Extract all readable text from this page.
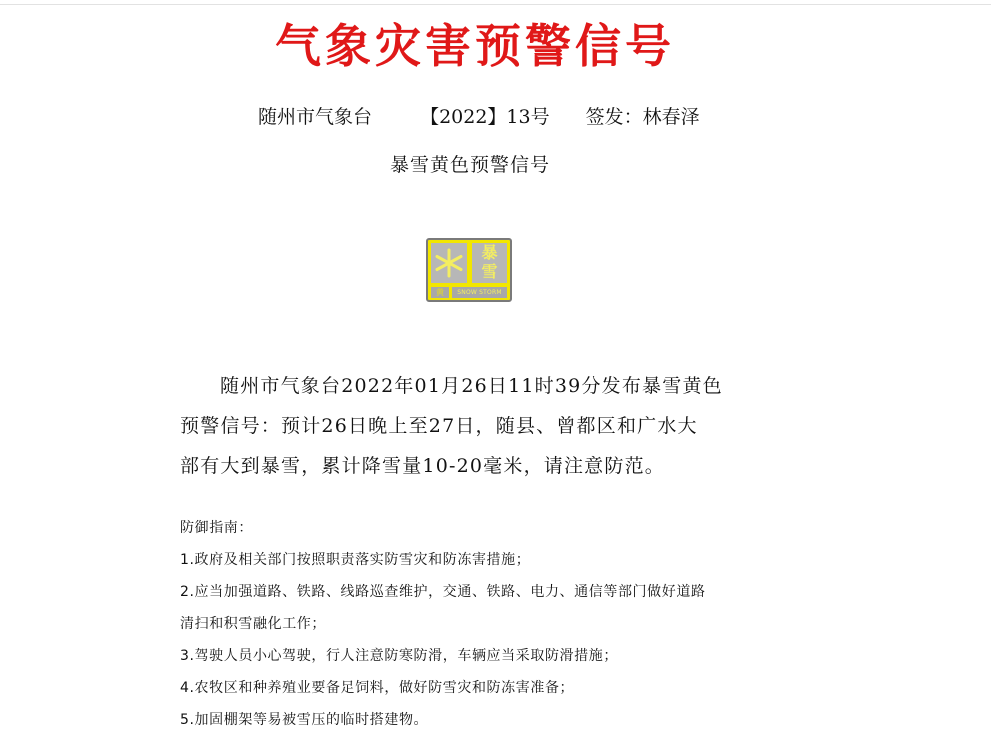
气象灾害预警信号
随州市气象台	【2022】13号 签发：林春泽
暴雪黄色预警信号
暴
雪
黄	SNOW STORM
随州市气象台2022年01月26日11时39分发布暴雪黄色
预警信号：预计26日晚上至27日，随县、曾都区和广水大
部有大到暴雪，累计降雪量10-20毫米，请注意防范。
防御指南：
1.政府及相关部门按照职责落实防雪灾和防冻害措施；
2.应当加强道路、铁路、线路巡查维护，交通、铁路、电力、通信等部门做好道路
清扫和积雪融化工作；
3.驾驶人员小心驾驶，行人注意防寒防滑，车辆应当采取防滑措施；
4.农牧区和种养殖业要备足饲料，做好防雪灾和防冻害准备；
5.加固棚架等易被雪压的临时搭建物。
